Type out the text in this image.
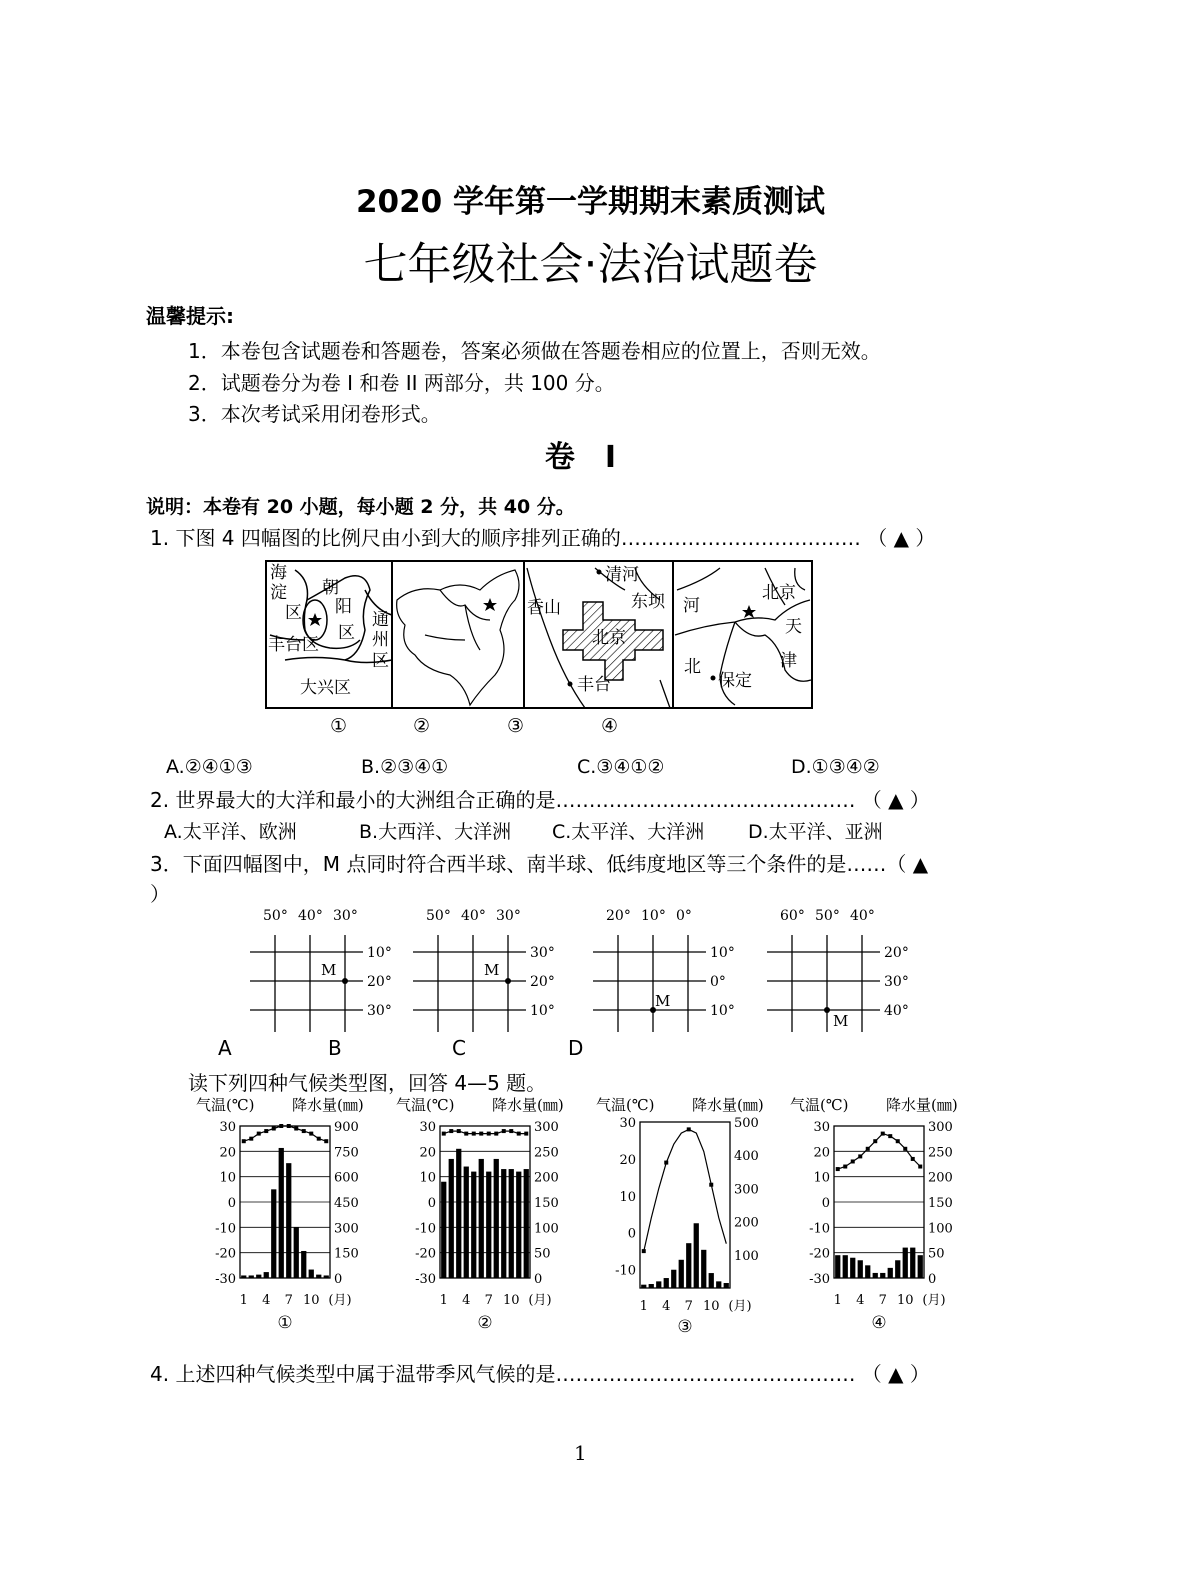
2020 学年第一学期期末素质测试
七年级社会·法治试题卷
温馨提示:
1．本卷包含试题卷和答题卷，答案必须做在答题卷相应的位置上，否则无效。
2．试题卷分为卷 I 和卷 II 两部分，共 100 分。
3．本次考试采用闭卷形式。
卷　I
说明：本卷有 20 小题，每小题 2 分，共 40 分。
1. 下图 4 四幅图的比例尺由小到大的顺序排列正确的……………………………… （ ▲ ）
海
淀
区
朝
阳
区
通
州
区
丰台区
大兴区
清河
香山	东坝
北京
丰台
北京
河
天
津
北
保定
①	②	③	④
A.②④①③	B.②③④①	C.③④①②	D.①③④②
2. 世界最大的大洋和最小的大洲组合正确的是……………………………………… （ ▲ ）
A.太平洋、欧洲	B.大西洋、大洋洲 C.太平洋、大洋洲 D.太平洋、亚洲
3．下面四幅图中，M 点同时符合西半球、南半球、低纬度地区等三个条件的是……（ ▲
）
50° 40° 30°
10°
20°
30°
M
50° 40° 30°
30°
20°
10°
M
20° 10° 0°
10°
0°
10°
M
60° 50° 40°
20°
30°
40°
M
A	B	C	D
读下列四种气候类型图，回答 4—5 题。
气温(℃)	降水量(㎜)
30
20
10
0
-10
-20
-30
900
750
600
450
300
150
0
1 4 7 10 (月)
①
气温(℃)	降水量(㎜)
30
20
10
0
-10
-20
-30
300
250
200
150
100
50
0
1 4 7 10 (月)
②
气温(℃)	降水量(㎜)
30
20
10
0
-10
500
400
300
200
100
1 4 7 10 (月)
③
气温(℃)	降水量(㎜)
30
20
10
0
-10
-20
-30
300
250
200
150
100
50
0
1 4 7 10 (月)
④
4. 上述四种气候类型中属于温带季风气候的是……………………………………… （ ▲ ）
1
